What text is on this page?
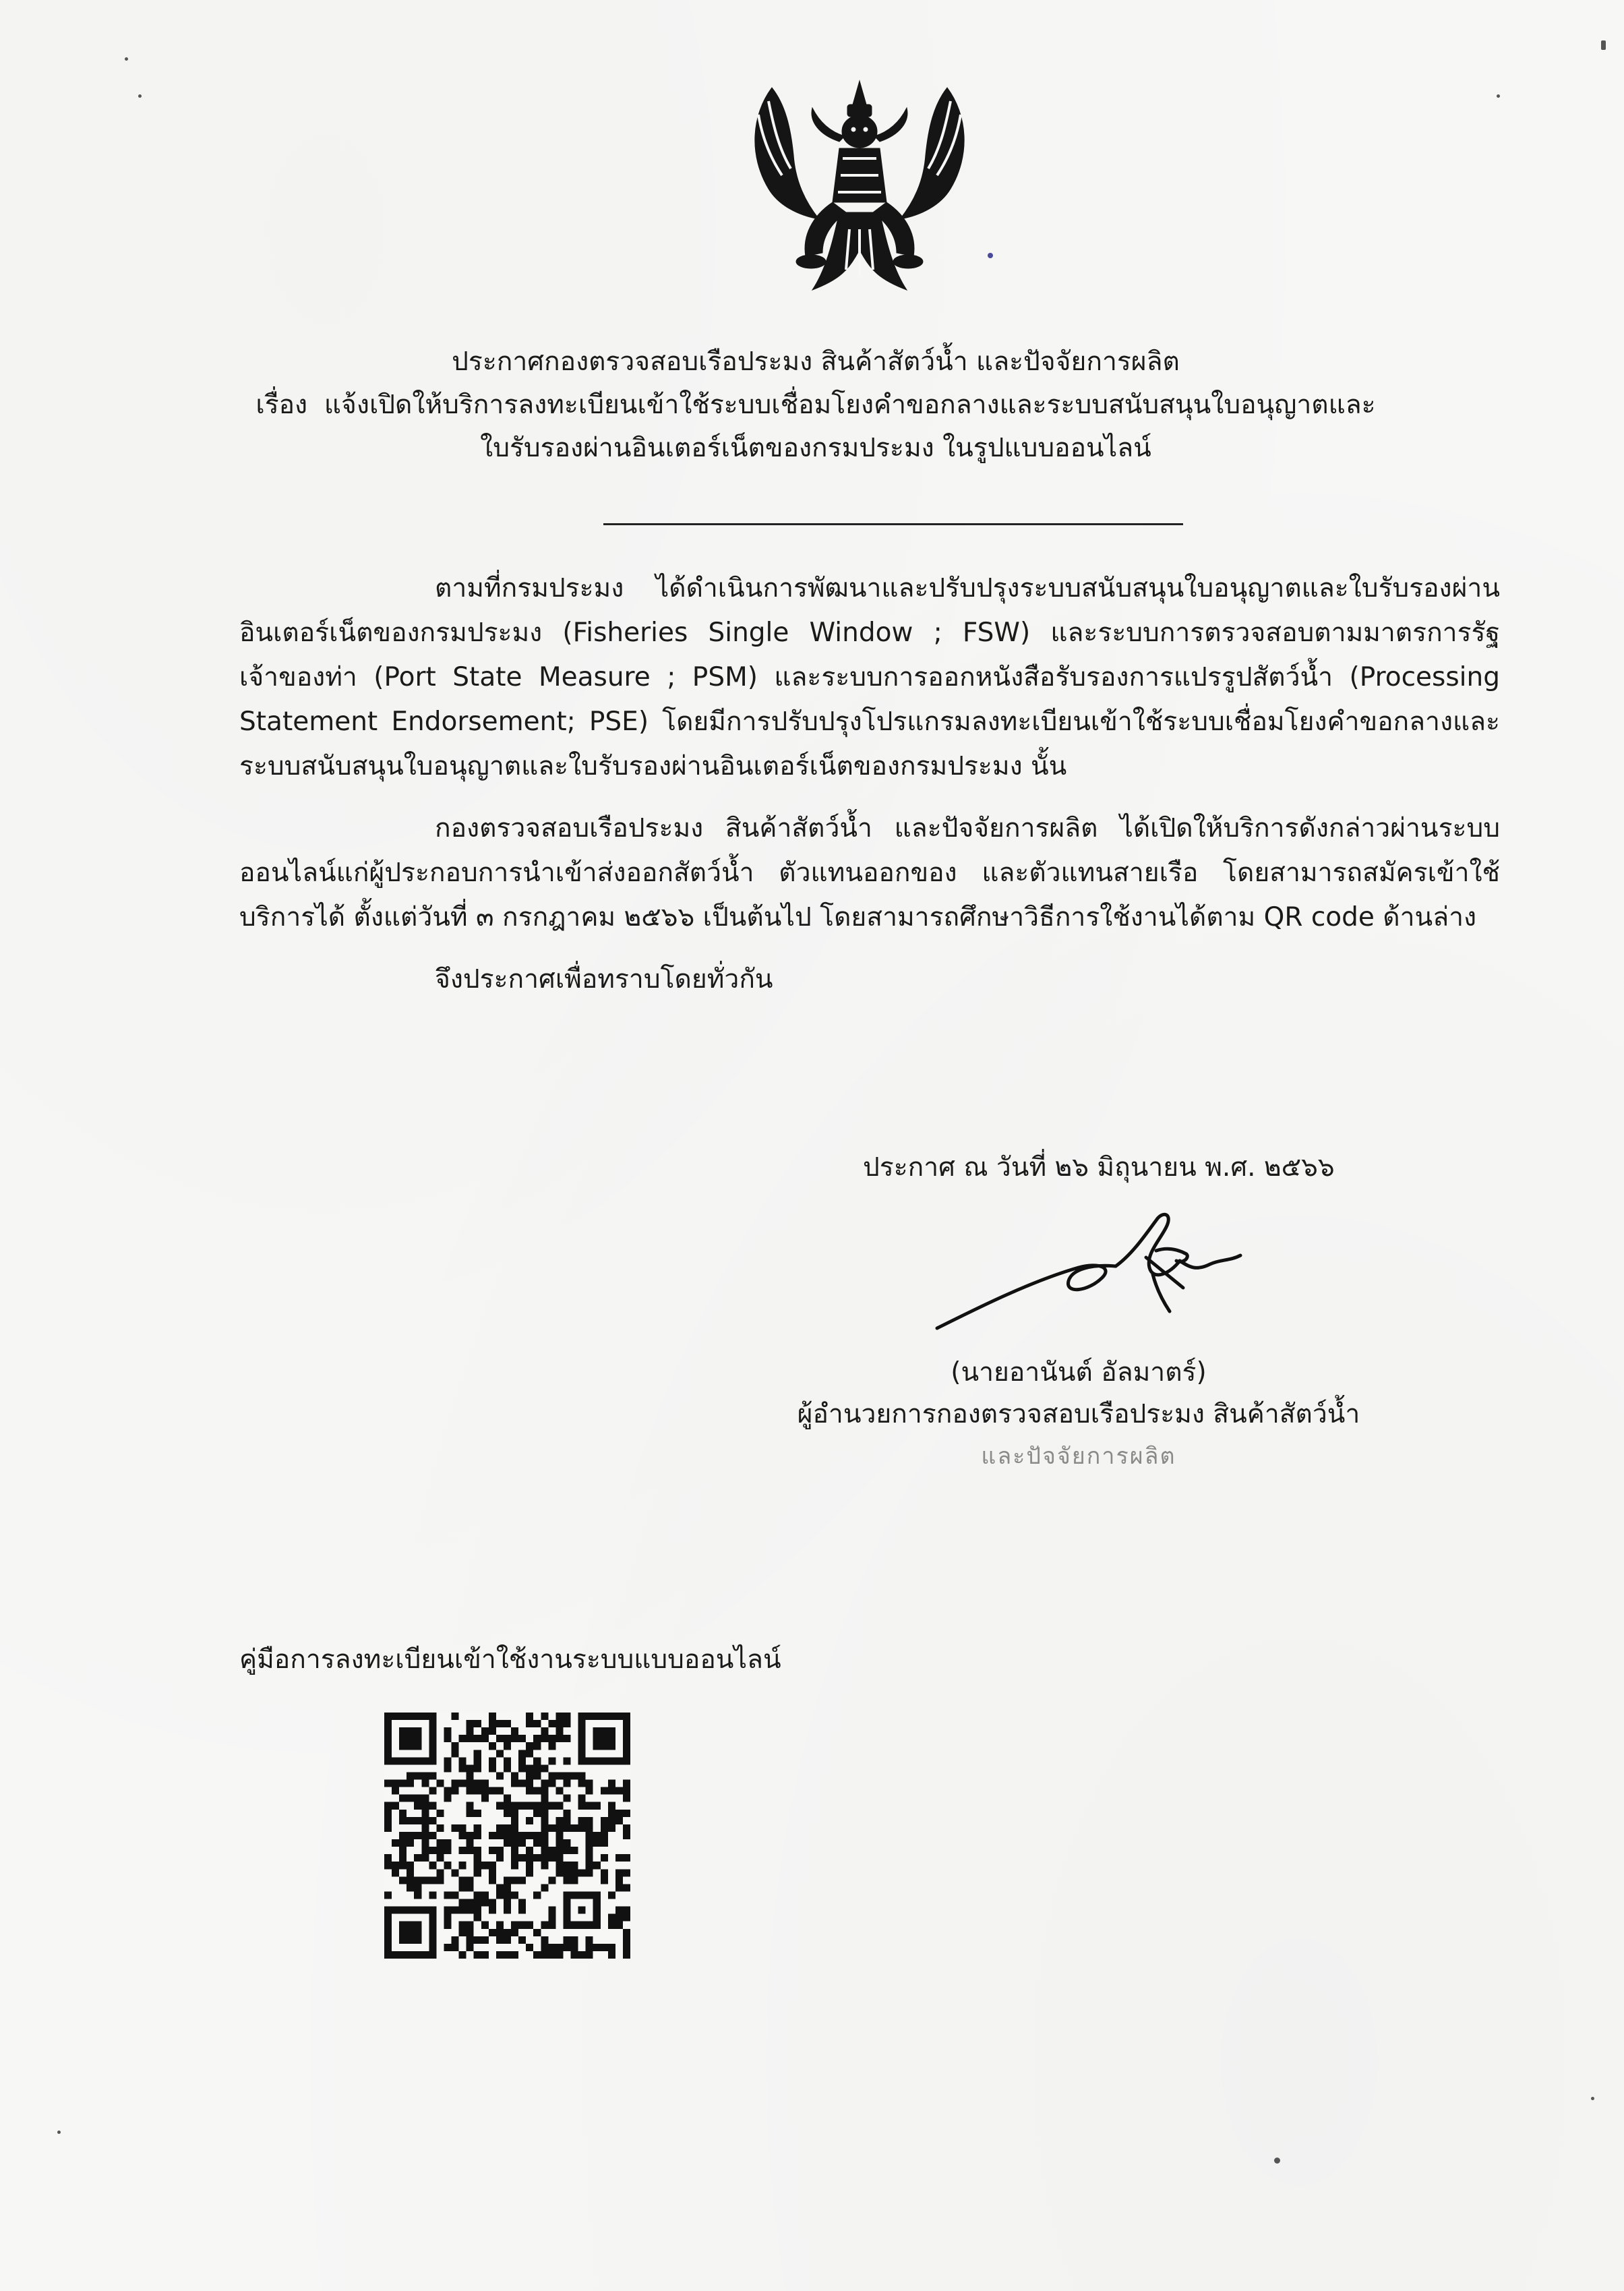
ประกาศกองตรวจสอบเรือประมง สินค้าสัตว์น้ำ และปัจจัยการผลิต
เรื่อง แจ้งเปิดให้บริการลงทะเบียนเข้าใช้ระบบเชื่อมโยงคำขอกลางและระบบสนับสนุนใบอนุญาตและ
ใบรับรองผ่านอินเตอร์เน็ตของกรมประมง ในรูปแบบออนไลน์

ตามที่กรมประมง ได้ดำเนินการพัฒนาและปรับปรุงระบบสนับสนุนใบอนุญาตและใบรับรองผ่านอินเตอร์เน็ตของกรมประมง (Fisheries Single Window ; FSW) และระบบการตรวจสอบตามมาตรการรัฐเจ้าของท่า (Port State Measure ; PSM) และระบบการออกหนังสือรับรองการแปรรูปสัตว์น้ำ (Processing Statement Endorsement; PSE) โดยมีการปรับปรุงโปรแกรมลงทะเบียนเข้าใช้ระบบเชื่อมโยงคำขอกลางและระบบสนับสนุนใบอนุญาตและใบรับรองผ่านอินเตอร์เน็ตของกรมประมง นั้น

กองตรวจสอบเรือประมง สินค้าสัตว์น้ำ และปัจจัยการผลิต ได้เปิดให้บริการดังกล่าวผ่านระบบออนไลน์แก่ผู้ประกอบการนำเข้าส่งออกสัตว์น้ำ ตัวแทนออกของ และตัวแทนสายเรือ โดยสามารถสมัครเข้าใช้บริการได้ ตั้งแต่วันที่ ๓ กรกฎาคม ๒๕๖๖ เป็นต้นไป โดยสามารถศึกษาวิธีการใช้งานได้ตาม QR code ด้านล่าง

จึงประกาศเพื่อทราบโดยทั่วกัน

ประกาศ ณ วันที่ ๒๖ มิถุนายน พ.ศ. ๒๕๖๖
(นายอานันต์ อัลมาตร์)
ผู้อำนวยการกองตรวจสอบเรือประมง สินค้าสัตว์น้ำ
และปัจจัยการผลิต
คู่มือการลงทะเบียนเข้าใช้งานระบบแบบออนไลน์
